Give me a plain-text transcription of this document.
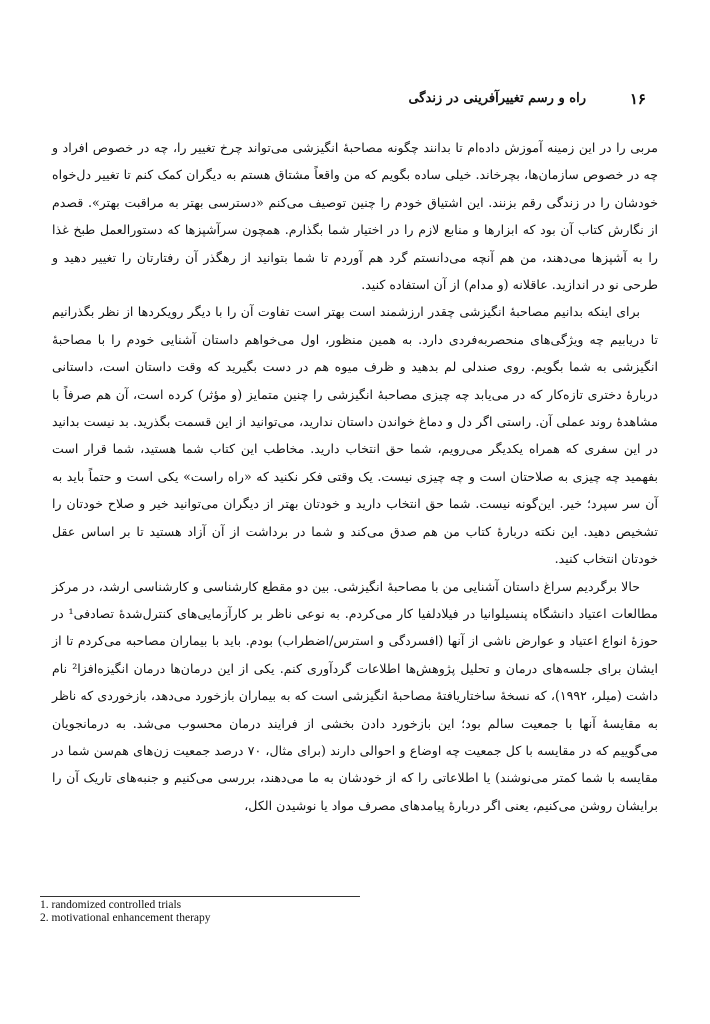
۱۶
راه و رسم تغییرآفرینی در زندگی

مربی را در این زمینه آموزش داده‌ام تا بدانند چگونه مصاحبهٔ انگیزشی می‌تواند چرخ تغییر را، چه در خصوص افراد و چه در خصوص سازمان‌ها، بچرخاند. خیلی ساده بگویم که من واقعاً مشتاق هستم به دیگران کمک کنم تا تغییر دل‌خواه خودشان را در زندگی رقم بزنند. این اشتیاق خودم را چنین توصیف می‌کنم «دسترسی بهتر به مراقبت بهتر». قصدم از نگارش کتاب آن بود که ابزارها و منابع لازم را در اختیار شما بگذارم. همچون سرآشپزها که دستورالعمل طبخ غذا را به آشپزها می‌دهند، من هم آنچه می‌دانستم گرد هم آوردم تا شما بتوانید از رهگذر آن رفتارتان را تغییر دهید و طرحی نو در اندازید. عاقلانه (و مدام) از آن استفاده کنید.

برای اینکه بدانیم مصاحبهٔ انگیزشی چقدر ارزشمند است بهتر است تفاوت آن را با دیگر رویکردها از نظر بگذرانیم تا دریابیم چه ویژگی‌های منحصربه‌فردی دارد. به همین منظور، اول می‌خواهم داستان آشنایی خودم را با مصاحبهٔ انگیزشی به شما بگویم. روی صندلی لم بدهید و ظرف میوه هم در دست بگیرید که وقت داستان است، داستانی دربارهٔ دختری تازه‌کار که در می‌یابد چه چیزی مصاحبهٔ انگیزشی را چنین متمایز (و مؤثر) کرده است، آن هم صرفاً با مشاهدهٔ روند عملی آن. راستی اگر دل و دماغ خواندن داستان ندارید، می‌توانید از این قسمت بگذرید. بد نیست بدانید در این سفری که همراه یکدیگر می‌رویم، شما حق انتخاب دارید. مخاطب این کتاب شما هستید، شما قرار است بفهمید چه چیزی به صلاحتان است و چه چیزی نیست. یک وقتی فکر نکنید که «راه راست» یکی است و حتماً باید به آن سر سپرد؛ خیر. این‌گونه نیست. شما حق انتخاب دارید و خودتان بهتر از دیگران می‌توانید خیر و صلاح خودتان را تشخیص دهید. این نکته دربارهٔ کتاب من هم صدق می‌کند و شما در برداشت از آن آزاد هستید تا بر اساس عقل خودتان انتخاب کنید.

حالا برگردیم سراغ داستان آشنایی من با مصاحبهٔ انگیزشی. بین دو مقطع کارشناسی و کارشناسی ارشد، در مرکز مطالعات اعتیاد دانشگاه پنسیلوانیا در فیلادلفیا کار می‌کردم. به نوعی ناظر بر کارآزمایی‌های کنترل‌شدهٔ تصادفی¹ در حوزهٔ انواع اعتیاد و عوارض ناشی از آنها (افسردگی و استرس/اضطراب) بودم. باید با بیماران مصاحبه می‌کردم تا از ایشان برای جلسه‌های درمان و تحلیل پژوهش‌ها اطلاعات گردآوری کنم. یکی از این درمان‌ها درمان انگیزه‌افزا² نام داشت (میلر، ۱۹۹۲)، که نسخهٔ ساختاریافتهٔ مصاحبهٔ انگیزشی است که به بیماران بازخورد می‌دهد، بازخوردی که ناظر به مقایسهٔ آنها با جمعیت سالم بود؛ این بازخورد دادن بخشی از فرایند درمان محسوب می‌شد. به درمانجویان می‌گوییم که در مقایسه با کل جمعیت چه اوضاع و احوالی دارند (برای مثال، ۷۰ درصد جمعیت زن‌های هم‌سن شما در مقایسه با شما کمتر می‌نوشند) یا اطلاعاتی را که از خودشان به ما می‌دهند، بررسی می‌کنیم و جنبه‌های تاریک آن را برایشان روشن می‌کنیم، یعنی اگر دربارهٔ پیامدهای مصرف مواد یا نوشیدن الکل،

1. randomized controlled trials
2. motivational enhancement therapy
